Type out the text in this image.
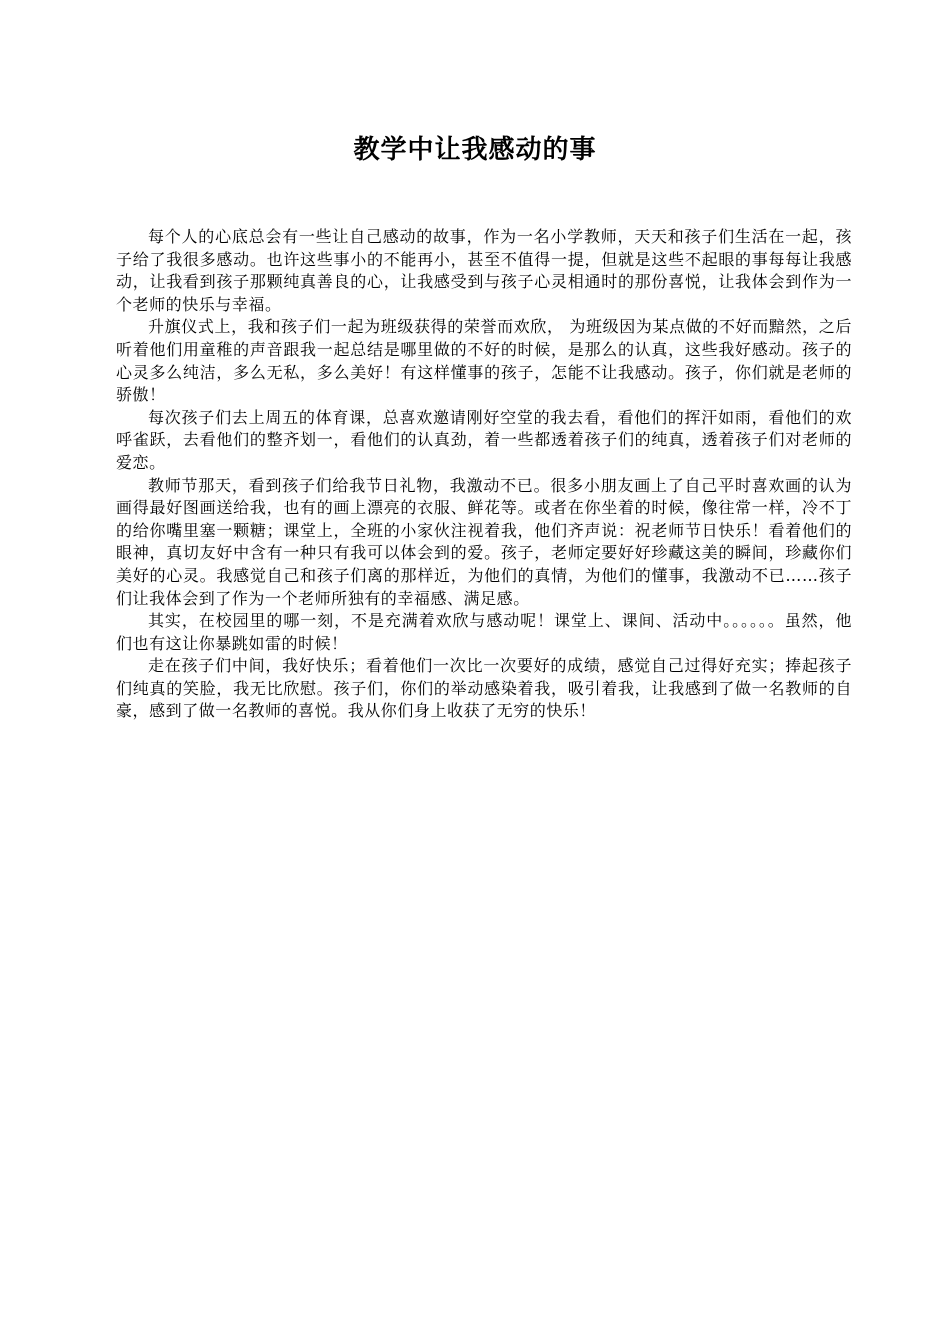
教学中让我感动的事

每个人的心底总会有一些让自己感动的故事，作为一名小学教师，天天和孩子们生活在一起，孩子给了我很多感动。也许这些事小的不能再小，甚至不值得一提，但就是这些不起眼的事每每让我感动，让我看到孩子那颗纯真善良的心，让我感受到与孩子心灵相通时的那份喜悦，让我体会到作为一个老师的快乐与幸福。

升旗仪式上，我和孩子们一起为班级获得的荣誉而欢欣， 为班级因为某点做的不好而黯然，之后听着他们用童稚的声音跟我一起总结是哪里做的不好的时候，是那么的认真，这些我好感动。孩子的心灵多么纯洁，多么无私，多么美好！有这样懂事的孩子，怎能不让我感动。孩子，你们就是老师的骄傲！

每次孩子们去上周五的体育课，总喜欢邀请刚好空堂的我去看，看他们的挥汗如雨，看他们的欢呼雀跃，去看他们的整齐划一，看他们的认真劲，着一些都透着孩子们的纯真，透着孩子们对老师的爱恋。

教师节那天，看到孩子们给我节日礼物，我激动不已。很多小朋友画上了自己平时喜欢画的认为画得最好图画送给我，也有的画上漂亮的衣服、鲜花等。或者在你坐着的时候，像往常一样，冷不丁的给你嘴里塞一颗糖；课堂上，全班的小家伙注视着我，他们齐声说：祝老师节日快乐！看着他们的眼神，真切友好中含有一种只有我可以体会到的爱。孩子，老师定要好好珍藏这美的瞬间，珍藏你们美好的心灵。我感觉自己和孩子们离的那样近，为他们的真情，为他们的懂事，我激动不已……孩子们让我体会到了作为一个老师所独有的幸福感、满足感。

其实，在校园里的哪一刻，不是充满着欢欣与感动呢！课堂上、课间、活动中。。。。。。虽然，他们也有这让你暴跳如雷的时候！

走在孩子们中间，我好快乐；看着他们一次比一次要好的成绩，感觉自己过得好充实；捧起孩子们纯真的笑脸，我无比欣慰。孩子们，你们的举动感染着我，吸引着我，让我感到了做一名教师的自豪，感到了做一名教师的喜悦。我从你们身上收获了无穷的快乐！
